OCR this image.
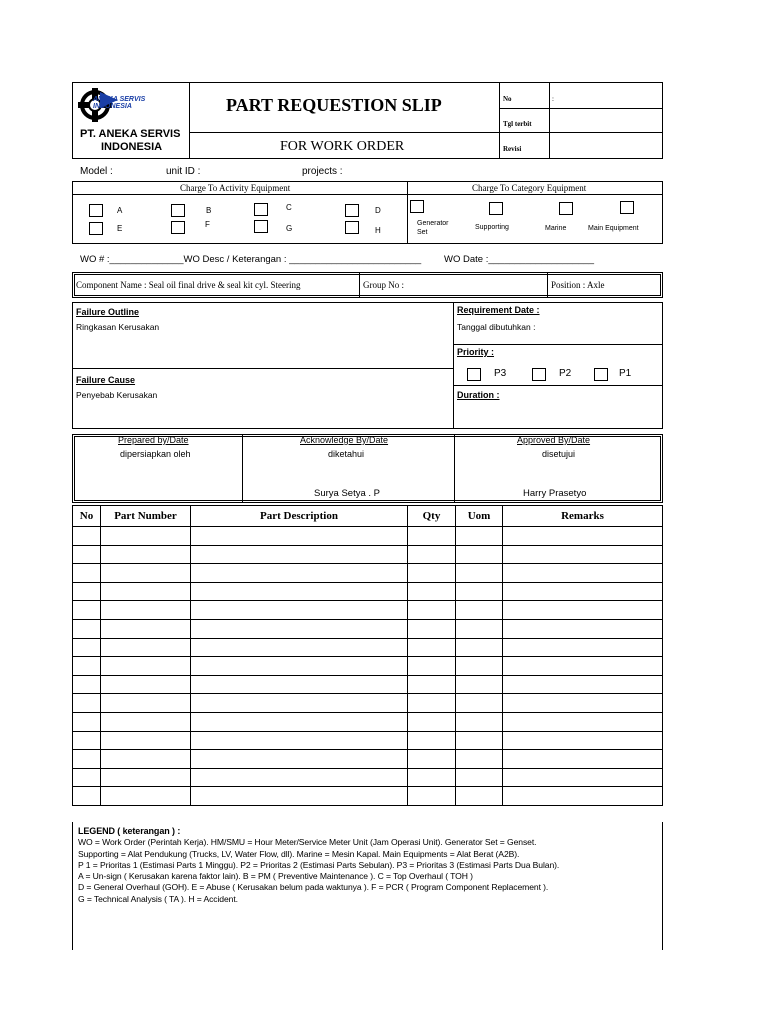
ANEKA SERVIS
INDONESIA
PT. ANEKA SERVIS
INDONESIA
PART REQUESTION SLIP
FOR WORK ORDER
No	:
Tgl terbit
Revisi
Model :	unit ID :	projects :
Charge To Activity Equipment	Charge To Category Equipment
A	B	C	D
E	F	G	H
Generator Set
Supporting	Marine	Main Equipment
WO # :______________WO Desc / Keterangan : _________________________ WO Date :____________________
Component Name : Seal oil final drive & seal kit cyl. Steering	Group No :	Position : Axle
Failure Outline
Ringkasan Kerusakan
Failure Cause
Penyebab Kerusakan
Requirement Date :
Tanggal dibutuhkan :
Priority :
P3	P2	P1
Duration :
Prepared by/Date
dipersiapkan oleh
Acknowledge By/Date
diketahui
Surya Setya . P
Approved By/Date
disetujui
Harry Prasetyo
No	Part Number	Part Description	Qty	Uom	Remarks

LEGEND ( keterangan ) :
WO = Work Order (Perintah Kerja). HM/SMU = Hour Meter/Service Meter Unit (Jam Operasi Unit). Generator Set = Genset.
Supporting = Alat Pendukung (Trucks, LV, Water Flow, dll). Marine = Mesin Kapal. Main Equipments = Alat Berat (A2B).
P 1 = Prioritas 1 (Estimasi Parts 1 Minggu). P2 = Prioritas 2 (Estimasi Parts Sebulan). P3 = Prioritas 3 (Estimasi Parts Dua Bulan).
A = Un-sign ( Kerusakan karena faktor lain). B = PM ( Preventive Maintenance ). C = Top Overhaul ( TOH )
D = General Overhaul (GOH). E = Abuse ( Kerusakan belum pada waktunya ). F = PCR ( Program Component Replacement ).
G = Technical Analysis ( TA ). H = Accident.
